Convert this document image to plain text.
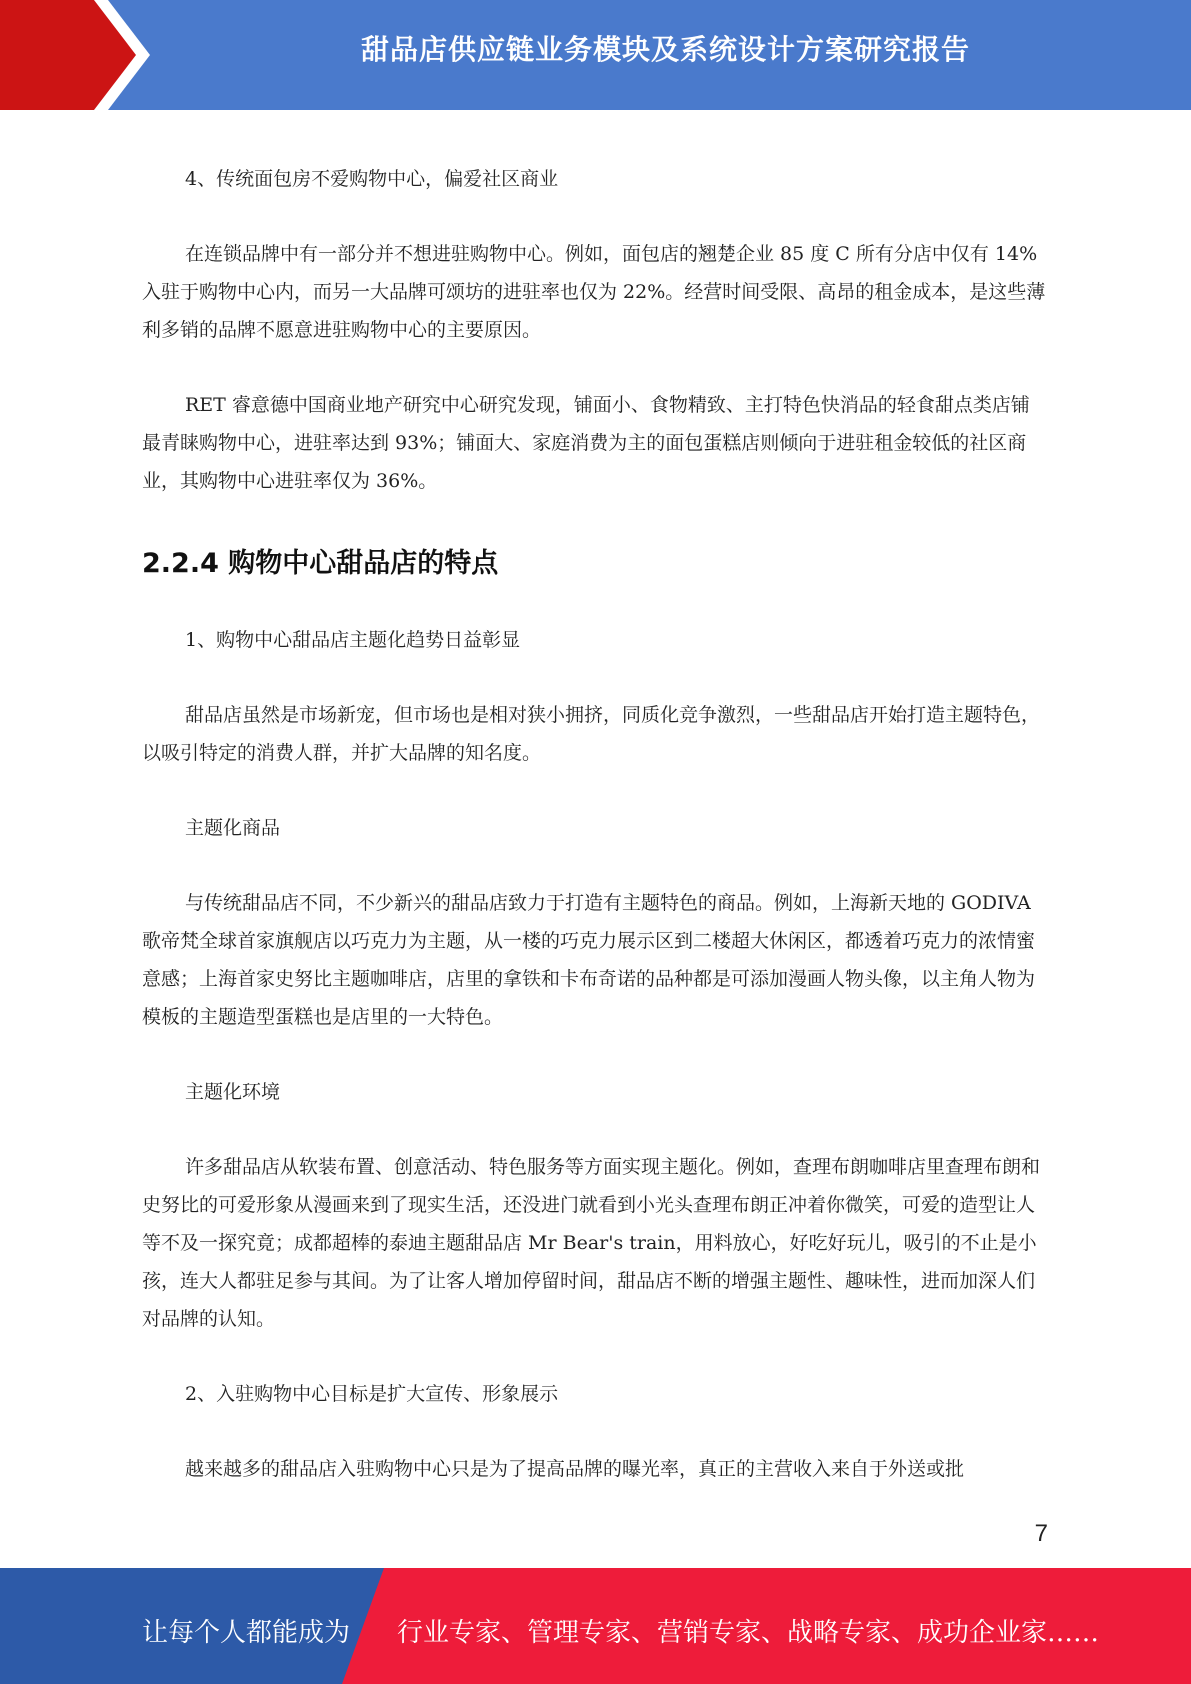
甜品店供应链业务模块及系统设计方案研究报告

4、传统面包房不爱购物中心，偏爱社区商业

在连锁品牌中有一部分并不想进驻购物中心。例如，面包店的翘楚企业 85 度 C 所有分店中仅有 14%入驻于购物中心内，而另一大品牌可颂坊的进驻率也仅为 22%。经营时间受限、高昂的租金成本，是这些薄利多销的品牌不愿意进驻购物中心的主要原因。

RET 睿意德中国商业地产研究中心研究发现，铺面小、食物精致、主打特色快消品的轻食甜点类店铺最青睐购物中心，进驻率达到 93%；铺面大、家庭消费为主的面包蛋糕店则倾向于进驻租金较低的社区商业，其购物中心进驻率仅为 36%。

2.2.4 购物中心甜品店的特点

1、购物中心甜品店主题化趋势日益彰显

甜品店虽然是市场新宠，但市场也是相对狭小拥挤，同质化竞争激烈，一些甜品店开始打造主题特色，以吸引特定的消费人群，并扩大品牌的知名度。

主题化商品

与传统甜品店不同，不少新兴的甜品店致力于打造有主题特色的商品。例如，上海新天地的 GODIVA 歌帝梵全球首家旗舰店以巧克力为主题，从一楼的巧克力展示区到二楼超大休闲区，都透着巧克力的浓情蜜意感；上海首家史努比主题咖啡店，店里的拿铁和卡布奇诺的品种都是可添加漫画人物头像，以主角人物为模板的主题造型蛋糕也是店里的一大特色。

主题化环境

许多甜品店从软装布置、创意活动、特色服务等方面实现主题化。例如，查理布朗咖啡店里查理布朗和史努比的可爱形象从漫画来到了现实生活，还没进门就看到小光头查理布朗正冲着你微笑，可爱的造型让人等不及一探究竟；成都超棒的泰迪主题甜品店 Mr Bear's train，用料放心，好吃好玩儿，吸引的不止是小孩，连大人都驻足参与其间。为了让客人增加停留时间，甜品店不断的增强主题性、趣味性，进而加深人们对品牌的认知。

2、入驻购物中心目标是扩大宣传、形象展示

越来越多的甜品店入驻购物中心只是为了提高品牌的曝光率，真正的主营收入来自于外送或批

7
让每个人都能成为 行业专家、管理专家、营销专家、战略专家、成功企业家……
